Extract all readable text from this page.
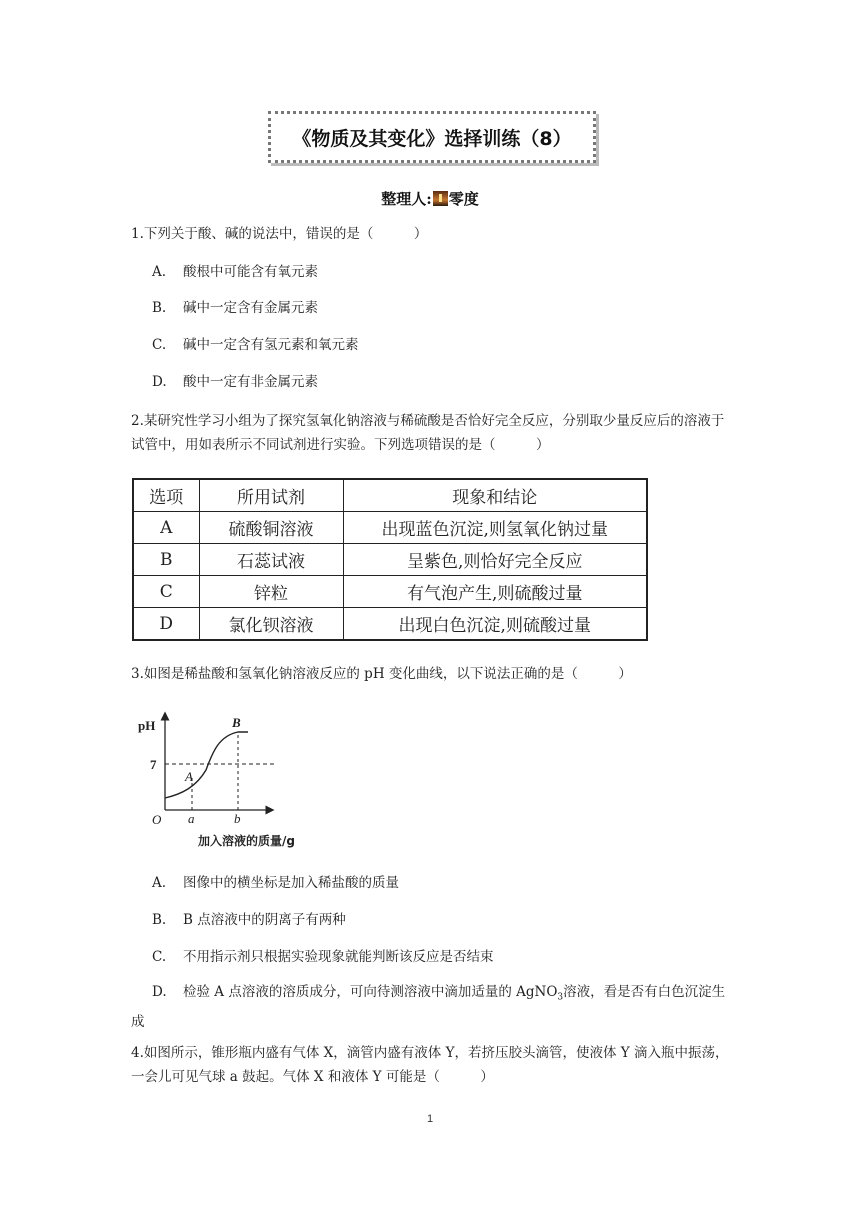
《物质及其变化》选择训练（8）
整理人: 零度
1.下列关于酸、碱的说法中，错误的是（　　　）
A. 酸根中可能含有氧元素
B. 碱中一定含有金属元素
C. 碱中一定含有氢元素和氧元素
D. 酸中一定有非金属元素
2.某研究性学习小组为了探究氢氧化钠溶液与稀硫酸是否恰好完全反应，分别取少量反应后的溶液于试管中，用如表所示不同试剂进行实验。下列选项错误的是（　　　）
选项	所用试剂	现象和结论
A	硫酸铜溶液	出现蓝色沉淀,则氢氧化钠过量
B	石蕊试液	呈紫色,则恰好完全反应
C	锌粒	有气泡产生,则硫酸过量
D	氯化钡溶液	出现白色沉淀,则硫酸过量
3.如图是稀盐酸和氢氧化钠溶液反应的 pH 变化曲线，以下说法正确的是（　　　）
pH
7
A
B
O a	b
加入溶液的质量/g
A. 图像中的横坐标是加入稀盐酸的质量
B. B 点溶液中的阴离子有两种
C. 不用指示剂只根据实验现象就能判断该反应是否结束
D. 检验 A 点溶液的溶质成分，可向待测溶液中滴加适量的 AgNO$_3$溶液，看是否有白色沉淀生成
4.如图所示，锥形瓶内盛有气体 X，滴管内盛有液体 Y，若挤压胶头滴管，使液体 Y 滴入瓶中振荡，一会儿可见气球 a 鼓起。气体 X 和液体 Y 可能是（　　　）
1
